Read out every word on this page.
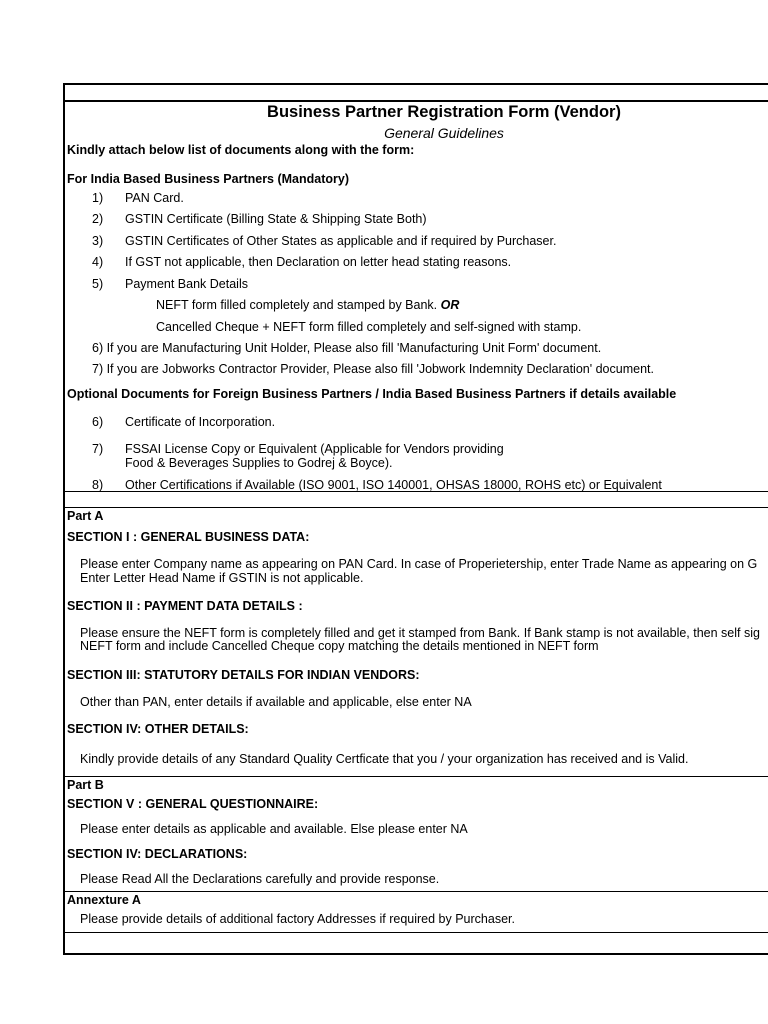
Business Partner Registration Form (Vendor)
General Guidelines
Kindly attach below list of documents along with the form:
For India Based Business Partners (Mandatory)
1) PAN Card.
2) GSTIN Certificate (Billing State & Shipping State Both)
3) GSTIN Certificates of Other States as applicable and if required by Purchaser.
4) If GST not applicable, then Declaration on letter head stating reasons.
5) Payment Bank Details
NEFT form filled completely and stamped by Bank. OR
Cancelled Cheque + NEFT form filled completely and self-signed with stamp.
6) If you are Manufacturing Unit Holder, Please also fill 'Manufacturing Unit Form' document.
7) If you are Jobworks Contractor Provider, Please also fill 'Jobwork Indemnity Declaration' document.
Optional Documents for Foreign Business Partners / India Based Business Partners if details available
6) Certificate of Incorporation.
7) FSSAI License Copy or Equivalent (Applicable for Vendors providing
Food & Beverages Supplies to Godrej & Boyce).
8) Other Certifications if Available (ISO 9001, ISO 140001, OHSAS 18000, ROHS etc) or Equivalent
Part A
SECTION I : GENERAL BUSINESS DATA:
Please enter Company name as appearing on PAN Card. In case of Properietership, enter Trade Name as appearing on G
Enter Letter Head Name if GSTIN is not applicable.
SECTION II : PAYMENT DATA DETAILS :
Please ensure the NEFT form is completely filled and get it stamped from Bank. If Bank stamp is not available, then self sig
NEFT form and include Cancelled Cheque copy matching the details mentioned in NEFT form
SECTION III: STATUTORY DETAILS FOR INDIAN VENDORS:
Other than PAN, enter details if available and applicable, else enter NA
SECTION IV: OTHER DETAILS:
Kindly provide details of any Standard Quality Certficate that you / your organization has received and is Valid.
Part B
SECTION V : GENERAL QUESTIONNAIRE:
Please enter details as applicable and available. Else please enter NA
SECTION IV: DECLARATIONS:
Please Read All the Declarations carefully and provide response.
Annexture A
Please provide details of additional factory Addresses if required by Purchaser.
